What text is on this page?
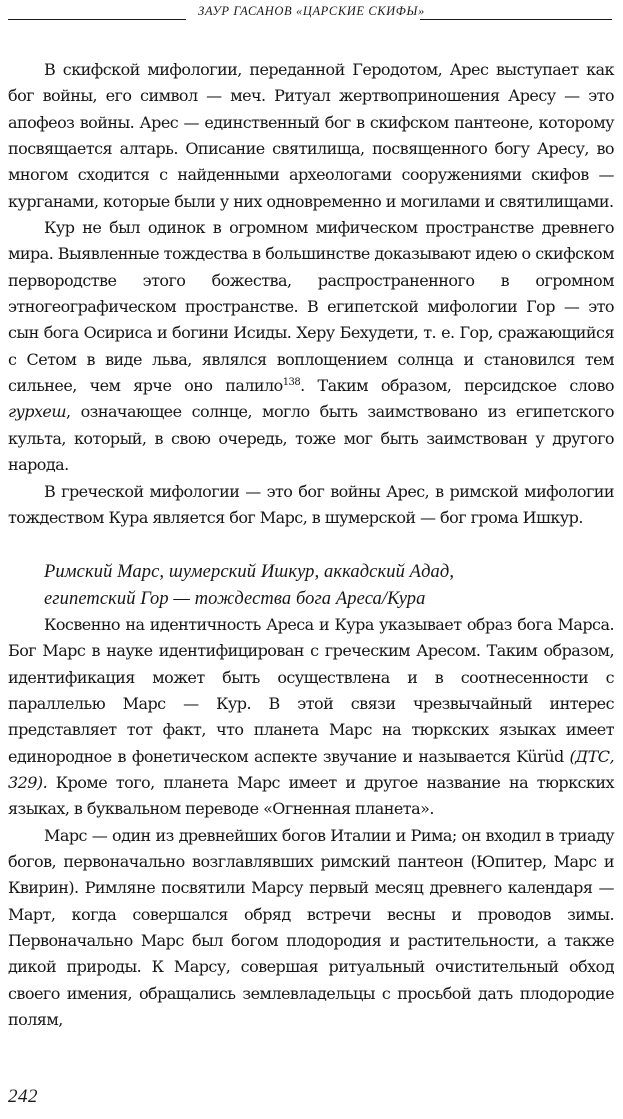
ЗАУР ГАСАНОВ «ЦАРСКИЕ СКИФЫ»

В скифской мифологии, переданной Геродотом, Арес выступает как бог войны, его символ — меч. Ритуал жертвоприношения Аресу — это апофеоз войны. Арес — единственный бог в скифском пантеоне, которому посвящается алтарь. Описание святилища, посвященного богу Аресу, во многом сходится с найденными археологами сооружениями скифов — курганами, которые были у них одновременно и могилами и святилищами.

Кур не был одинок в огромном мифическом пространстве древнего мира. Выявленные тождества в большинстве доказывают идею о скифском первородстве этого божества, распространенного в огромном этногеографическом пространстве. В египетской мифологии Гор — это сын бога Осириса и богини Исиды. Херу Бехудети, т. е. Гор, сражающийся с Сетом в виде льва, являлся воплощением солнца и становился тем сильнее, чем ярче оно палило$^{138}$. Таким образом, персидское слово гурхеш, означающее солнце, могло быть заимствовано из египетского культа, который, в свою очередь, тоже мог быть заимствован у другого народа.

В греческой мифологии — это бог войны Арес, в римской мифологии тождеством Кура является бог Марс, в шумерской — бог грома Ишкур.

Римский Марс, шумерский Ишкур, аккадский Адад,
египетский Гор — тождества бога Ареса/Кура

Косвенно на идентичность Ареса и Кура указывает образ бога Марса. Бог Марс в науке идентифицирован с греческим Аресом. Таким образом, идентификация может быть осуществлена и в соотнесенности с параллелью Марс — Кур. В этой связи чрезвычайный интерес представляет тот факт, что планета Марс на тюркских языках имеет единородное в фонетическом аспекте звучание и называется Kürüd (ДТС, 329). Кроме того, планета Марс имеет и другое название на тюркских языках, в буквальном переводе «Огненная планета».

Марс — один из древнейших богов Италии и Рима; он входил в триаду богов, первоначально возглавлявших римский пантеон (Юпитер, Марс и Квирин). Римляне посвятили Марсу первый месяц древнего календаря — Март, когда совершался обряд встречи весны и проводов зимы. Первоначально Марс был богом плодородия и растительности, а также дикой природы. К Марсу, совершая ритуальный очистительный обход своего имения, обращались землевладельцы с просьбой дать плодородие полям,

242
